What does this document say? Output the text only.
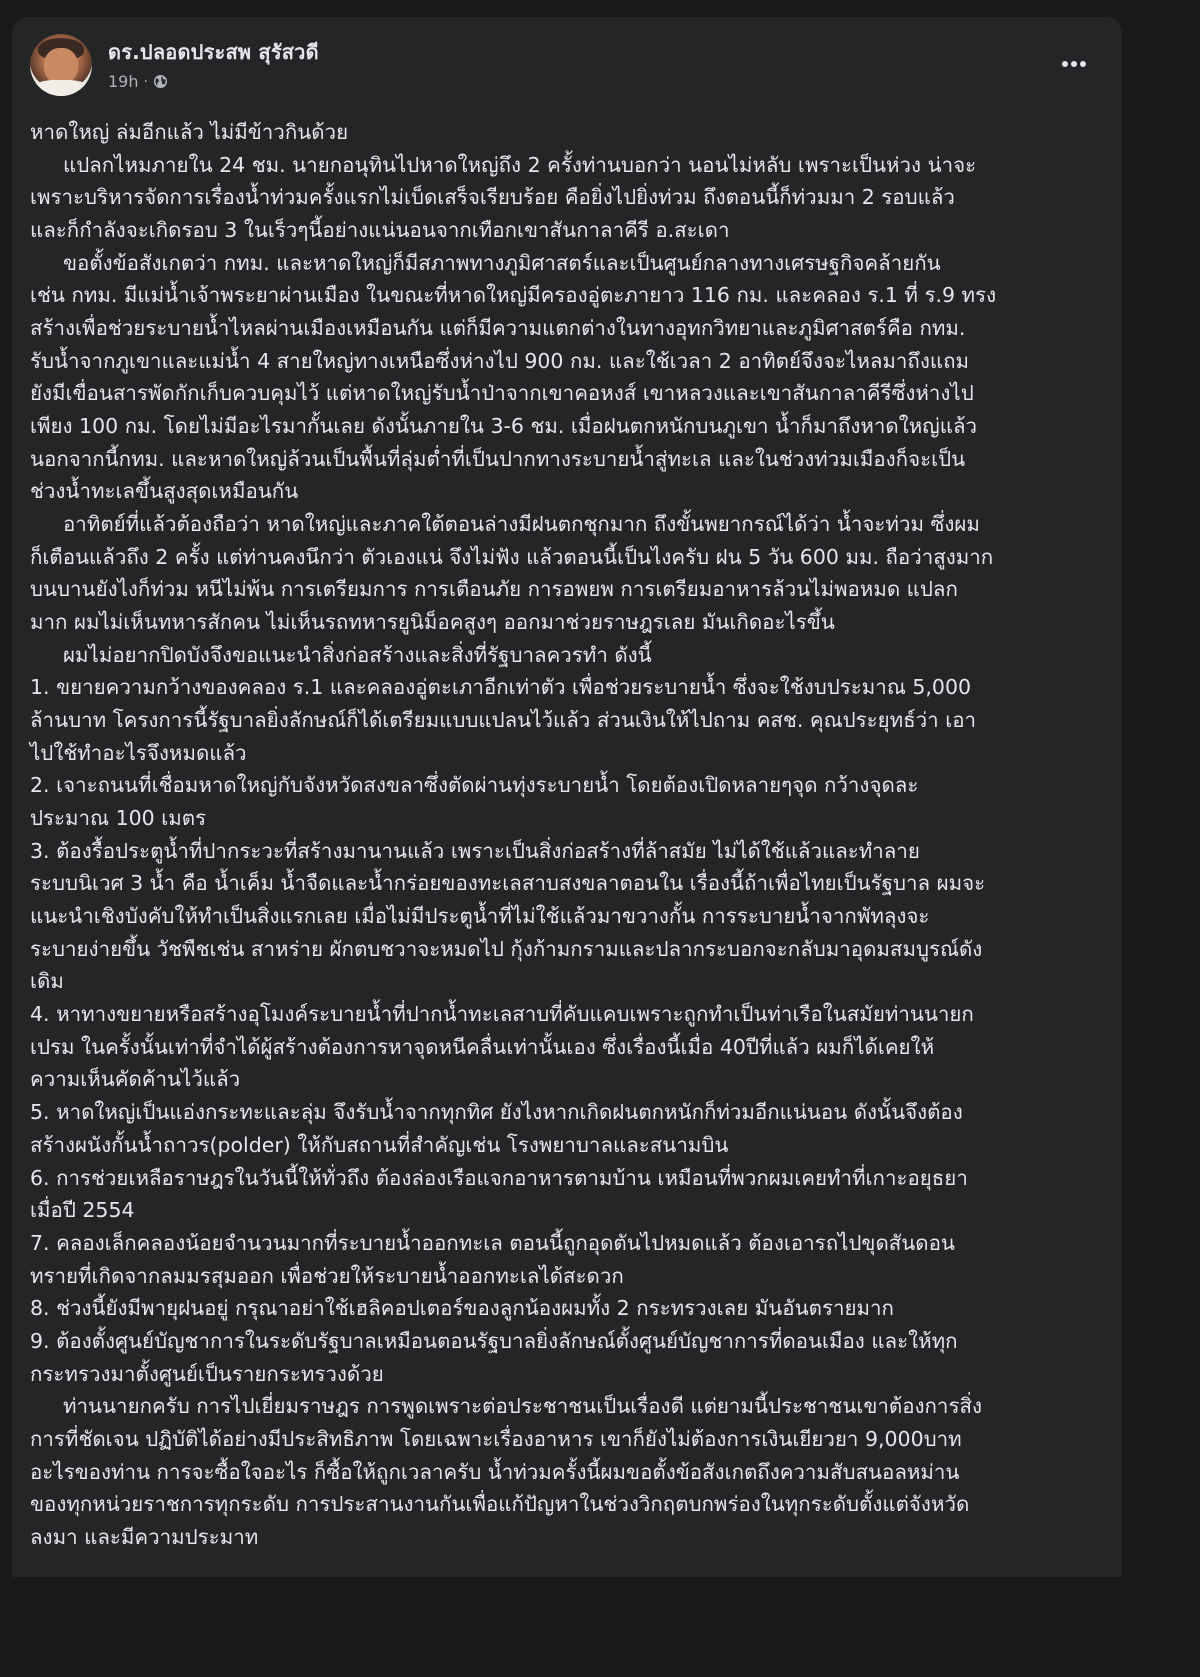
ดร.ปลอดประสพ สุรัสวดี
19h ·
หาดใหญ่ ล่มอีกแล้ว ไม่มีข้าวกินด้วย
แปลกไหมภายใน 24 ชม. นายกอนุทินไปหาดใหญ่ถึง 2 ครั้งท่านบอกว่า นอนไม่หลับ เพราะเป็นห่วง น่าจะ
เพราะบริหารจัดการเรื่องน้ำท่วมครั้งแรกไม่เบ็ดเสร็จเรียบร้อย คือยิ่งไปยิ่งท่วม ถึงตอนนี้ก็ท่วมมา 2 รอบแล้ว
และก็กำลังจะเกิดรอบ 3 ในเร็วๆนี้อย่างแน่นอนจากเทือกเขาสันกาลาคีรี อ.สะเดา
ขอตั้งข้อสังเกตว่า กทม. และหาดใหญ่ก็มีสภาพทางภูมิศาสตร์และเป็นศูนย์กลางทางเศรษฐกิจคล้ายกัน
เช่น กทม. มีแม่น้ำเจ้าพระยาผ่านเมือง ในขณะที่หาดใหญ่มีครองอู่ตะภายาว 116 กม. และคลอง ร.1 ที่ ร.9 ทรง
สร้างเพื่อช่วยระบายน้ำไหลผ่านเมืองเหมือนกัน แต่ก็มีความแตกต่างในทางอุทกวิทยาและภูมิศาสตร์คือ กทม.
รับน้ำจากภูเขาและแม่น้ำ 4 สายใหญ่ทางเหนือซึ่งห่างไป 900 กม. และใช้เวลา 2 อาทิตย์จึงจะไหลมาถึงแถม
ยังมีเขื่อนสารพัดกักเก็บควบคุมไว้ แต่หาดใหญ่รับน้ำป่าจากเขาคอหงส์ เขาหลวงและเขาสันกาลาคีรีซึ่งห่างไป
เพียง 100 กม. โดยไม่มีอะไรมากั้นเลย ดังนั้นภายใน 3-6 ชม. เมื่อฝนตกหนักบนภูเขา น้ำก็มาถึงหาดใหญ่แล้ว
นอกจากนี้กทม. และหาดใหญ่ล้วนเป็นพื้นที่ลุ่มต่ำที่เป็นปากทางระบายน้ำสู่ทะเล และในช่วงท่วมเมืองก็จะเป็น
ช่วงน้ำทะเลขึ้นสูงสุดเหมือนกัน
อาทิตย์ที่แล้วต้องถือว่า หาดใหญ่และภาคใต้ตอนล่างมีฝนตกชุกมาก ถึงขั้นพยากรณ์ได้ว่า น้ำจะท่วม ซึ่งผม
ก็เตือนแล้วถึง 2 ครั้ง แต่ท่านคงนึกว่า ตัวเองแน่ จึงไม่ฟัง แล้วตอนนี้เป็นไงครับ ฝน 5 วัน 600 มม. ถือว่าสูงมาก
บนบานยังไงก็ท่วม หนีไม่พ้น การเตรียมการ การเตือนภัย การอพยพ การเตรียมอาหารล้วนไม่พอหมด แปลก
มาก ผมไม่เห็นทหารสักคน ไม่เห็นรถทหารยูนิม็อคสูงๆ ออกมาช่วยราษฎรเลย มันเกิดอะไรขึ้น
ผมไม่อยากปิดบังจึงขอแนะนำสิ่งก่อสร้างและสิ่งที่รัฐบาลควรทำ ดังนี้
1. ขยายความกว้างของคลอง ร.1 และคลองอู่ตะเภาอีกเท่าตัว เพื่อช่วยระบายน้ำ ซึ่งจะใช้งบประมาณ 5,000
ล้านบาท โครงการนี้รัฐบาลยิ่งลักษณ์ก็ได้เตรียมแบบแปลนไว้แล้ว ส่วนเงินให้ไปถาม คสช. คุณประยุทธ์ว่า เอา
ไปใช้ทำอะไรจึงหมดแล้ว
2. เจาะถนนที่เชื่อมหาดใหญ่กับจังหวัดสงขลาซึ่งตัดผ่านทุ่งระบายน้ำ โดยต้องเปิดหลายๆจุด กว้างจุดละ
ประมาณ 100 เมตร
3. ต้องรื้อประตูน้ำที่ปากระวะที่สร้างมานานแล้ว เพราะเป็นสิ่งก่อสร้างที่ล้าสมัย ไม่ได้ใช้แล้วและทำลาย
ระบบนิเวศ 3 น้ำ คือ น้ำเค็ม น้ำจืดและน้ำกร่อยของทะเลสาบสงขลาตอนใน เรื่องนี้ถ้าเพื่อไทยเป็นรัฐบาล ผมจะ
แนะนำเชิงบังคับให้ทำเป็นสิ่งแรกเลย เมื่อไม่มีประตูน้ำที่ไม่ใช้แล้วมาขวางกั้น การระบายน้ำจากพัทลุงจะ
ระบายง่ายขึ้น วัชพืชเช่น สาหร่าย ผักตบชวาจะหมดไป กุ้งก้ามกรามและปลากระบอกจะกลับมาอุดมสมบูรณ์ดัง
เดิม
4. หาทางขยายหรือสร้างอุโมงค์ระบายน้ำที่ปากน้ำทะเลสาบที่คับแคบเพราะถูกทำเป็นท่าเรือในสมัยท่านนายก
เปรม ในครั้งนั้นเท่าที่จำได้ผู้สร้างต้องการหาจุดหนีคลื่นเท่านั้นเอง ซึ่งเรื่องนี้เมื่อ 40ปีที่แล้ว ผมก็ได้เคยให้
ความเห็นคัดค้านไว้แล้ว
5. หาดใหญ่เป็นแอ่งกระทะและลุ่ม จึงรับน้ำจากทุกทิศ ยังไงหากเกิดฝนตกหนักก็ท่วมอีกแน่นอน ดังนั้นจึงต้อง
สร้างผนังกั้นน้ำถาวร(polder) ให้กับสถานที่สำคัญเช่น โรงพยาบาลและสนามบิน
6. การช่วยเหลือราษฎรในวันนี้ให้ทั่วถึง ต้องล่องเรือแจกอาหารตามบ้าน เหมือนที่พวกผมเคยทำที่เกาะอยุธยา
เมื่อปี 2554
7. คลองเล็กคลองน้อยจำนวนมากที่ระบายน้ำออกทะเล ตอนนี้ถูกอุดตันไปหมดแล้ว ต้องเอารถไปขุดสันดอน
ทรายที่เกิดจากลมมรสุมออก เพื่อช่วยให้ระบายน้ำออกทะเลได้สะดวก
8. ช่วงนี้ยังมีพายุฝนอยู่ กรุณาอย่าใช้เฮลิคอปเตอร์ของลูกน้องผมทั้ง 2 กระทรวงเลย มันอันตรายมาก
9. ต้องตั้งศูนย์บัญชาการในระดับรัฐบาลเหมือนตอนรัฐบาลยิ่งลักษณ์ตั้งศูนย์บัญชาการที่ดอนเมือง และให้ทุก
กระทรวงมาตั้งศูนย์เป็นรายกระทรวงด้วย
ท่านนายกครับ การไปเยี่ยมราษฎร การพูดเพราะต่อประชาชนเป็นเรื่องดี แต่ยามนี้ประชาชนเขาต้องการสิ่ง
การที่ชัดเจน ปฏิบัติได้อย่างมีประสิทธิภาพ โดยเฉพาะเรื่องอาหาร เขาก็ยังไม่ต้องการเงินเยียวยา 9,000บาท
อะไรของท่าน การจะซื้อใจอะไร ก็ซื้อให้ถูกเวลาครับ น้ำท่วมครั้งนี้ผมขอตั้งข้อสังเกตถึงความสับสนอลหม่าน
ของทุกหน่วยราชการทุกระดับ การประสานงานกันเพื่อแก้ปัญหาในช่วงวิกฤตบกพร่องในทุกระดับตั้งแต่จังหวัด
ลงมา และมีความประมาท
